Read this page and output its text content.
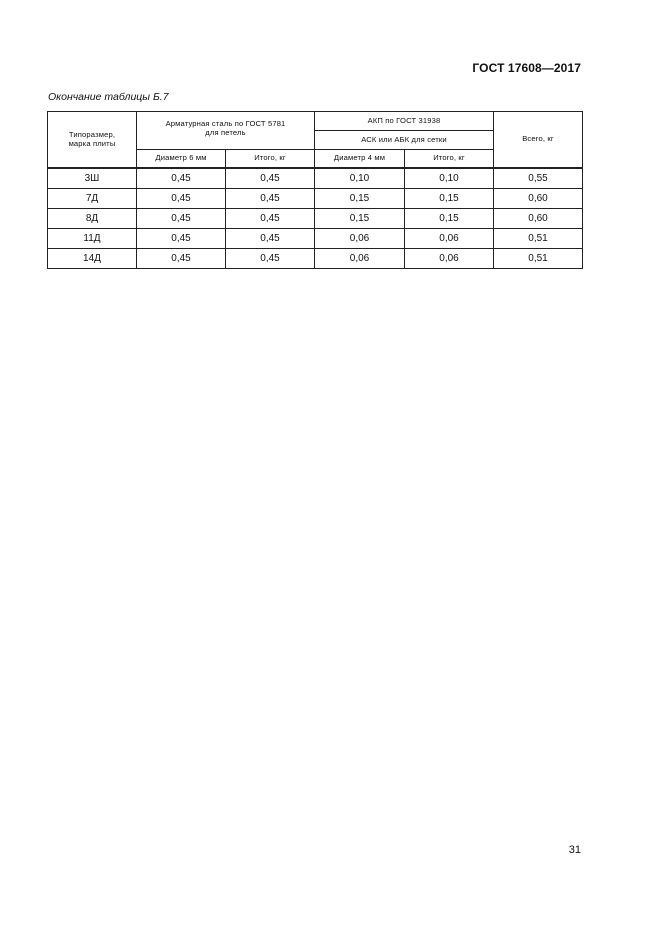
ГОСТ 17608—2017
Окончание таблицы Б.7
Типоразмер, марка плиты	Арматурная сталь по ГОСТ 5781 для петель		АКП по ГОСТ 31938		Всего, кг
			АСК или АБК для сетки		
	Диаметр 6 мм	Итого, кг	Диаметр 4 мм	Итого, кг	
3Ш	0,45	0,45	0,10	0,10	0,55
7Д	0,45	0,45	0,15	0,15	0,60
8Д	0,45	0,45	0,15	0,15	0,60
11Д	0,45	0,45	0,06	0,06	0,51
14Д	0,45	0,45	0,06	0,06	0,51
31
